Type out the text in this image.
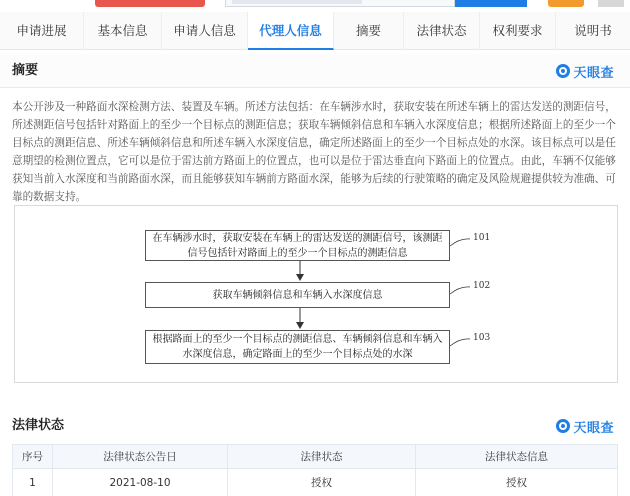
申请进展	基本信息	申请人信息	代理人信息	摘要	法律状态	权利要求	说明书
摘要	天眼查

本公开涉及一种路面水深检测方法、装置及车辆。所述方法包括：在车辆涉水时，获取安装在所述车辆上的雷达发送的测距信号，所述测距信号包括针对路面上的至少一个目标点的测距信息；获取车辆倾斜信息和车辆入水深度信息；根据所述路面上的至少一个目标点的测距信息、所述车辆倾斜信息和所述车辆入水深度信息，确定所述路面上的至少一个目标点处的水深。该目标点可以是任意期望的检测位置点，它可以是位于雷达前方路面上的位置点，也可以是位于雷达垂直向下路面上的位置点。由此，车辆不仅能够获知当前入水深度和当前路面水深，而且能够获知车辆前方路面水深，能够为后续的行驶策略的确定及风险规避提供较为准确、可靠的数据支持。

在车辆涉水时，获取安装在车辆上的雷达发送的测距信号，该测距信号包括针对路面上的至少一个目标点的测距信息
101
获取车辆倾斜信息和车辆入水深度信息
102
根据路面上的至少一个目标点的测距信息、车辆倾斜信息和车辆入水深度信息，确定路面上的至少一个目标点处的水深
103
法律状态	天眼查
序号	法律状态公告日	法律状态	法律状态信息
1	2021-08-10	授权	授权
